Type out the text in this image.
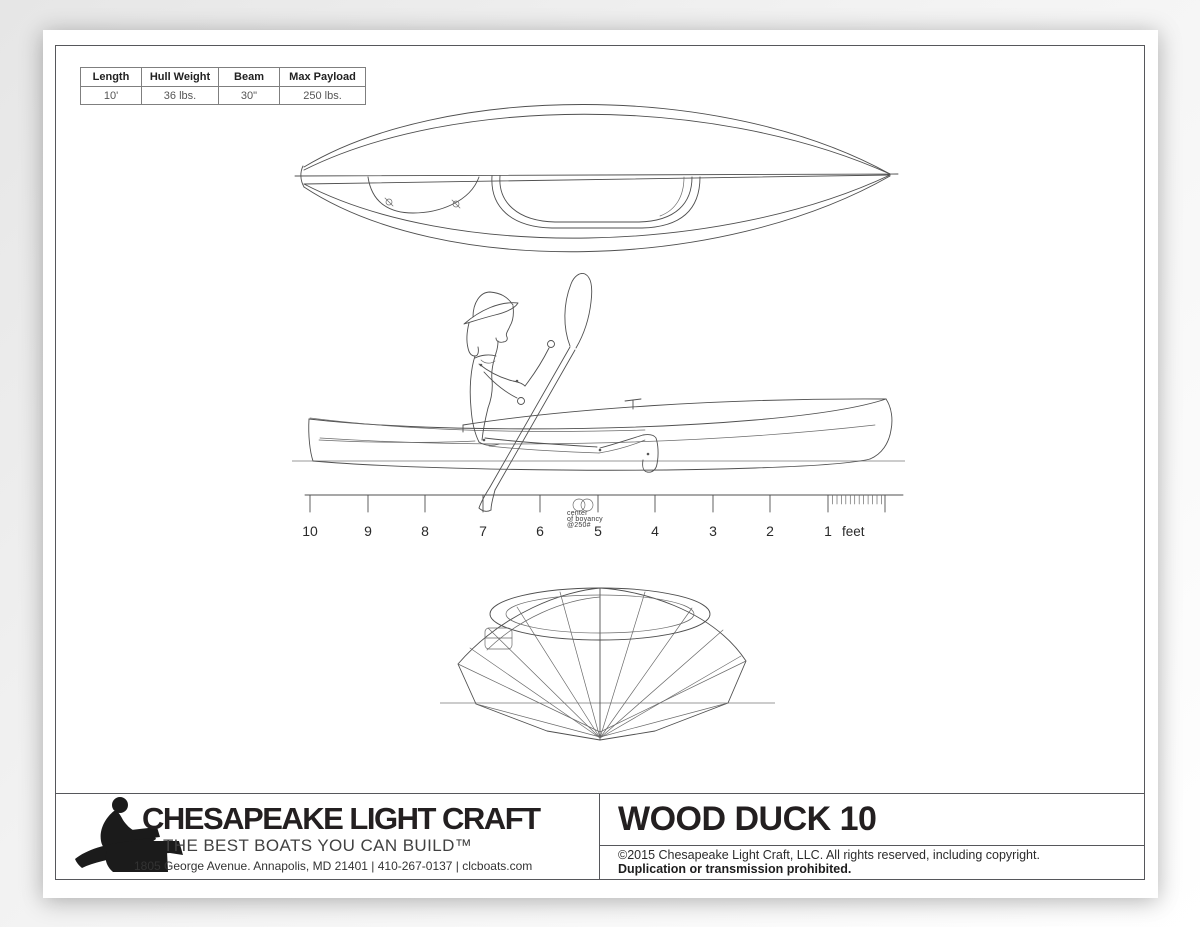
Length	Hull Weight	Beam	Max Payload
10'	36 lbs.	30"	250 lbs.
10	9	8	7	6	5	4	3	2	1 feet
center
of boyancy
@250#
CHESAPEAKE LIGHT CRAFT
THE BEST BOATS YOU CAN BUILD™
1805 George Avenue. Annapolis, MD 21401 | 410-267-0137 | clcboats.com
WOOD DUCK 10
©2015 Chesapeake Light Craft, LLC. All rights reserved, including copyright.
Duplication or transmission prohibited.
